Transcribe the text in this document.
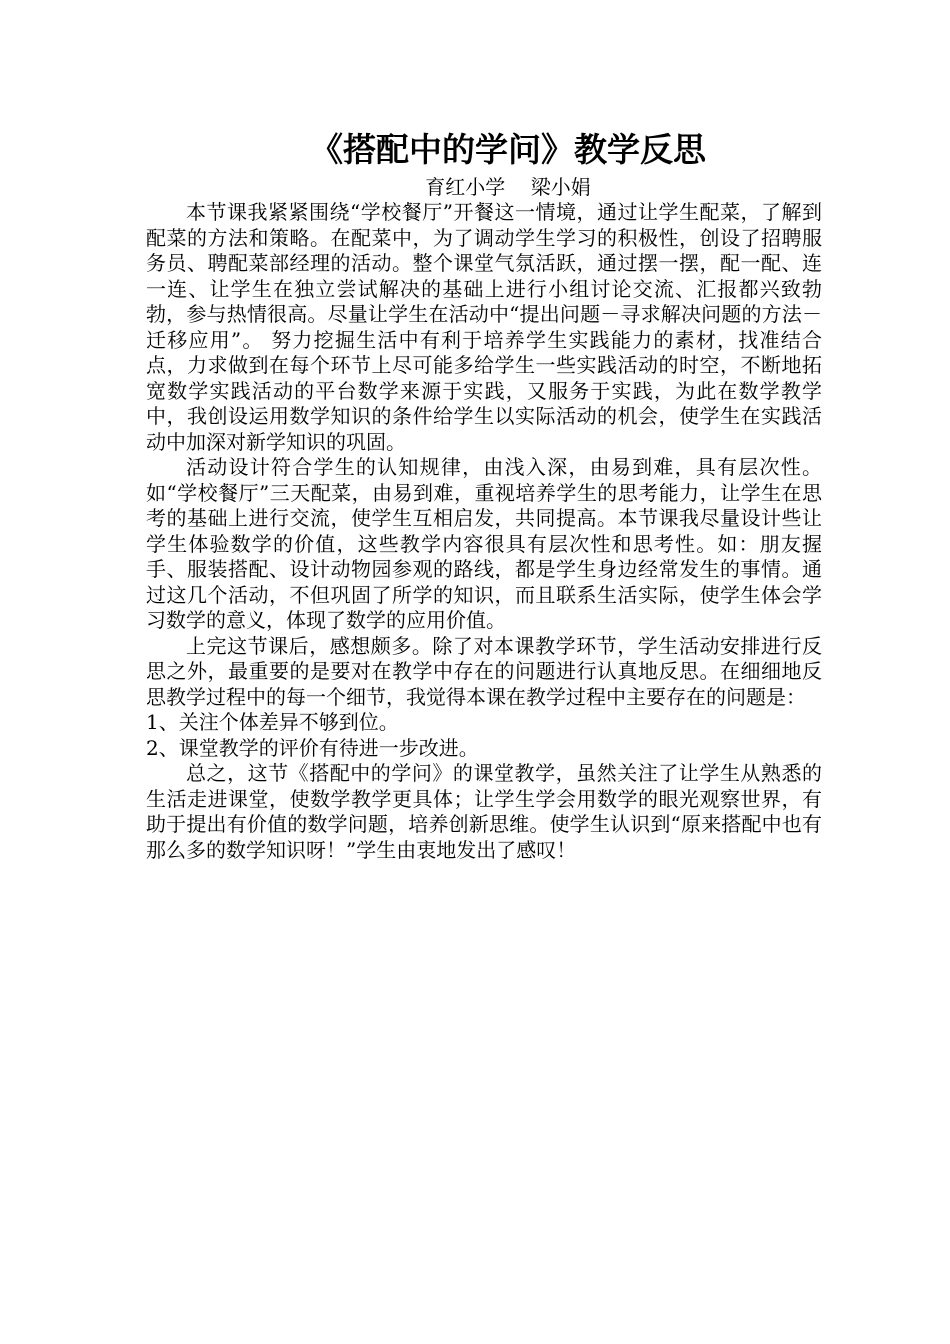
《搭配中的学问》教学反思
育红小学    梁小娟

本节课我紧紧围绕“学校餐厅”开餐这一情境，通过让学生配菜，了解到配菜的方法和策略。在配菜中，为了调动学生学习的积极性，创设了招聘服务员、聘配菜部经理的活动。整个课堂气氛活跃，通过摆一摆，配一配、连一连、让学生在独立尝试解决的基础上进行小组讨论交流、汇报都兴致勃勃，参与热情很高。尽量让学生在活动中“提出问题－寻求解决问题的方法－迁移应用”。 努力挖掘生活中有利于培养学生实践能力的素材，找准结合点，力求做到在每个环节上尽可能多给学生一些实践活动的时空，不断地拓宽数学实践活动的平台数学来源于实践，又服务于实践，为此在数学教学中，我创设运用数学知识的条件给学生以实际活动的机会，使学生在实践活动中加深对新学知识的巩固。

活动设计符合学生的认知规律，由浅入深，由易到难，具有层次性。如“学校餐厅”三天配菜，由易到难，重视培养学生的思考能力，让学生在思考的基础上进行交流，使学生互相启发，共同提高。本节课我尽量设计些让学生体验数学的价值，这些教学内容很具有层次性和思考性。如：朋友握手、服装搭配、设计动物园参观的路线，都是学生身边经常发生的事情。通过这几个活动，不但巩固了所学的知识，而且联系生活实际，使学生体会学习数学的意义，体现了数学的应用价值。

上完这节课后，感想颇多。除了对本课教学环节，学生活动安排进行反思之外，最重要的是要对在教学中存在的问题进行认真地反思。在细细地反思教学过程中的每一个细节，我觉得本课在教学过程中主要存在的问题是：

1、关注个体差异不够到位。

2、课堂教学的评价有待进一步改进。

总之，这节《搭配中的学问》的课堂教学，虽然关注了让学生从熟悉的生活走进课堂，使数学教学更具体；让学生学会用数学的眼光观察世界，有助于提出有价值的数学问题，培养创新思维。使学生认识到“原来搭配中也有那么多的数学知识呀！”学生由衷地发出了感叹！
